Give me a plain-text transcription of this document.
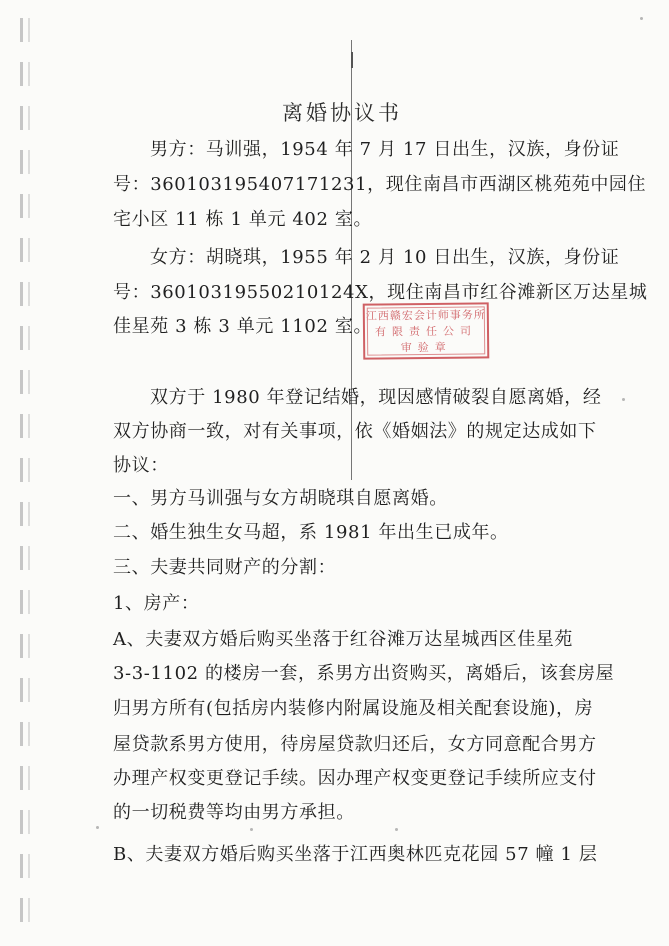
离婚协议书
男方：马训强，1954 年 7 月 17 日出生，汉族，身份证
号：360103195407171231，现住南昌市西湖区桃苑苑中园住
宅小区 11 栋 1 单元 402 室。
女方：胡晓琪，1955 年 2 月 10 日出生，汉族，身份证
号：36010319550210124X，现住南昌市红谷滩新区万达星城
佳星苑 3 栋 3 单元 1102 室。
江西赣宏会计师事务所
有限责任公司
审验章
双方于 1980 年登记结婚，现因感情破裂自愿离婚，经
双方协商一致，对有关事项，依《婚姻法》的规定达成如下
协议：
一、男方马训强与女方胡晓琪自愿离婚。
二、婚生独生女马超，系 1981 年出生已成年。
三、夫妻共同财产的分割：
1、房产：
A、夫妻双方婚后购买坐落于红谷滩万达星城西区佳星苑
3-3-1102 的楼房一套，系男方出资购买，离婚后，该套房屋
归男方所有(包括房内装修内附属设施及相关配套设施)，房
屋贷款系男方使用，待房屋贷款归还后，女方同意配合男方
办理产权变更登记手续。因办理产权变更登记手续所应支付
的一切税费等均由男方承担。
B、夫妻双方婚后购买坐落于江西奥林匹克花园 57 幢 1 层
